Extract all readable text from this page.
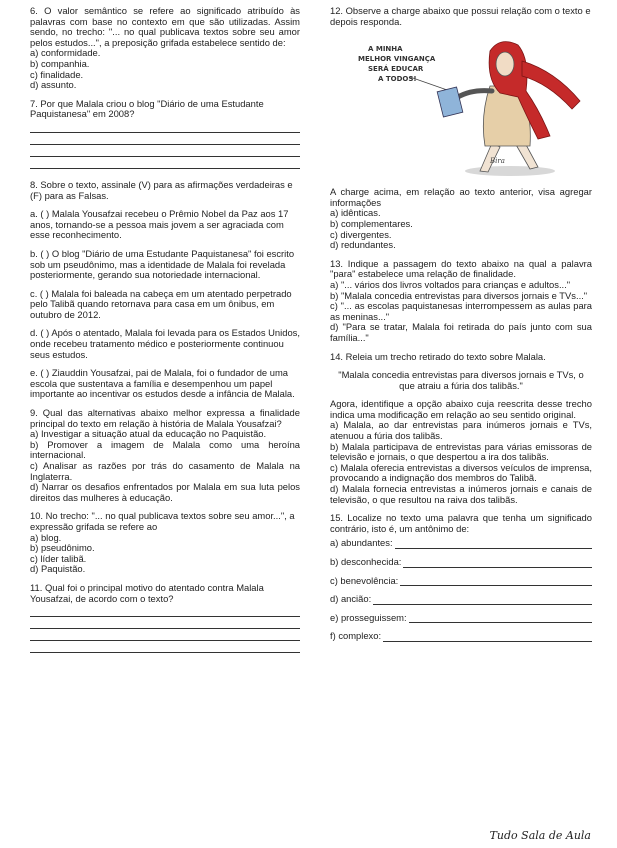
6. O valor semântico se refere ao significado atribuído às palavras com base no contexto em que são utilizadas. Assim sendo, no trecho: "... no qual publicava textos sobre seu amor pelos estudos...", a preposição grifada estabelece sentido de:

a) conformidade.

b) companhia.

c) finalidade.

d) assunto.

7. Por que Malala criou o blog "Diário de uma Estudante Paquistanesa" em 2008?

8. Sobre o texto, assinale (V) para as afirmações verdadeiras e (F) para as Falsas.

a. ( ) Malala Yousafzai recebeu o Prêmio Nobel da Paz aos 17 anos, tornando-se a pessoa mais jovem a ser agraciada com esse reconhecimento.

b. ( ) O blog "Diário de uma Estudante Paquistanesa" foi escrito sob um pseudônimo, mas a identidade de Malala foi revelada posteriormente, gerando sua notoriedade internacional.

c. ( ) Malala foi baleada na cabeça em um atentado perpetrado pelo Talibã quando retornava para casa em um ônibus, em outubro de 2012.

d. ( ) Após o atentado, Malala foi levada para os Estados Unidos, onde recebeu tratamento médico e posteriormente continuou seus estudos.

e. ( ) Ziauddin Yousafzai, pai de Malala, foi o fundador de uma escola que sustentava a família e desempenhou um papel importante ao incentivar os estudos desde a infância de Malala.

9. Qual das alternativas abaixo melhor expressa a finalidade principal do texto em relação à história de Malala Yousafzai?

a) Investigar a situação atual da educação no Paquistão.

b) Promover a imagem de Malala como uma heroína internacional.

c) Analisar as razões por trás do casamento de Malala na Inglaterra.

d) Narrar os desafios enfrentados por Malala em sua luta pelos direitos das mulheres à educação.

10. No trecho: "... no qual publicava textos sobre seu amor...", a expressão grifada se refere ao

a) blog.

b) pseudônimo.

c) líder talibã.

d) Paquistão.

11. Qual foi o principal motivo do atentado contra Malala Yousafzai, de acordo com o texto?

12. Observe a charge abaixo que possui relação com o texto e depois responda.

A MINHA
MELHOR VINGANÇA
SERÁ EDUCAR
A TODOS!
Bira

A charge acima, em relação ao texto anterior, visa agregar informações

a) idênticas.

b) complementares.

c) divergentes.

d) redundantes.

13. Indique a passagem do texto abaixo na qual a palavra "para" estabelece uma relação de finalidade.

a) "... vários dos livros voltados para crianças e adultos..."

b) "Malala concedia entrevistas para diversos jornais e TVs..."

c) "... as escolas paquistanesas interrompessem as aulas para as meninas..."

d) "Para se tratar, Malala foi retirada do país junto com sua família..."

14. Releia um trecho retirado do texto sobre Malala.

"Malala concedia entrevistas para diversos jornais e TVs, o que atraiu a fúria dos talibãs."

Agora, identifique a opção abaixo cuja reescrita desse trecho indica uma modificação em relação ao seu sentido original.

a) Malala, ao dar entrevistas para inúmeros jornais e TVs, atenuou a fúria dos talibãs.

b) Malala participava de entrevistas para várias emissoras de televisão e jornais, o que despertou a ira dos talibãs.

c) Malala oferecia entrevistas a diversos veículos de imprensa, provocando a indignação dos membros do Talibã.

d) Malala fornecia entrevistas a inúmeros jornais e canais de televisão, o que resultou na raiva dos talibãs.

15. Localize no texto uma palavra que tenha um significado contrário, isto é, um antônimo de:

a) abundantes:
b) desconhecida:
c) benevolência:
d) ancião:
e) prosseguissem:
f) complexo:
Tudo Sala de Aula
